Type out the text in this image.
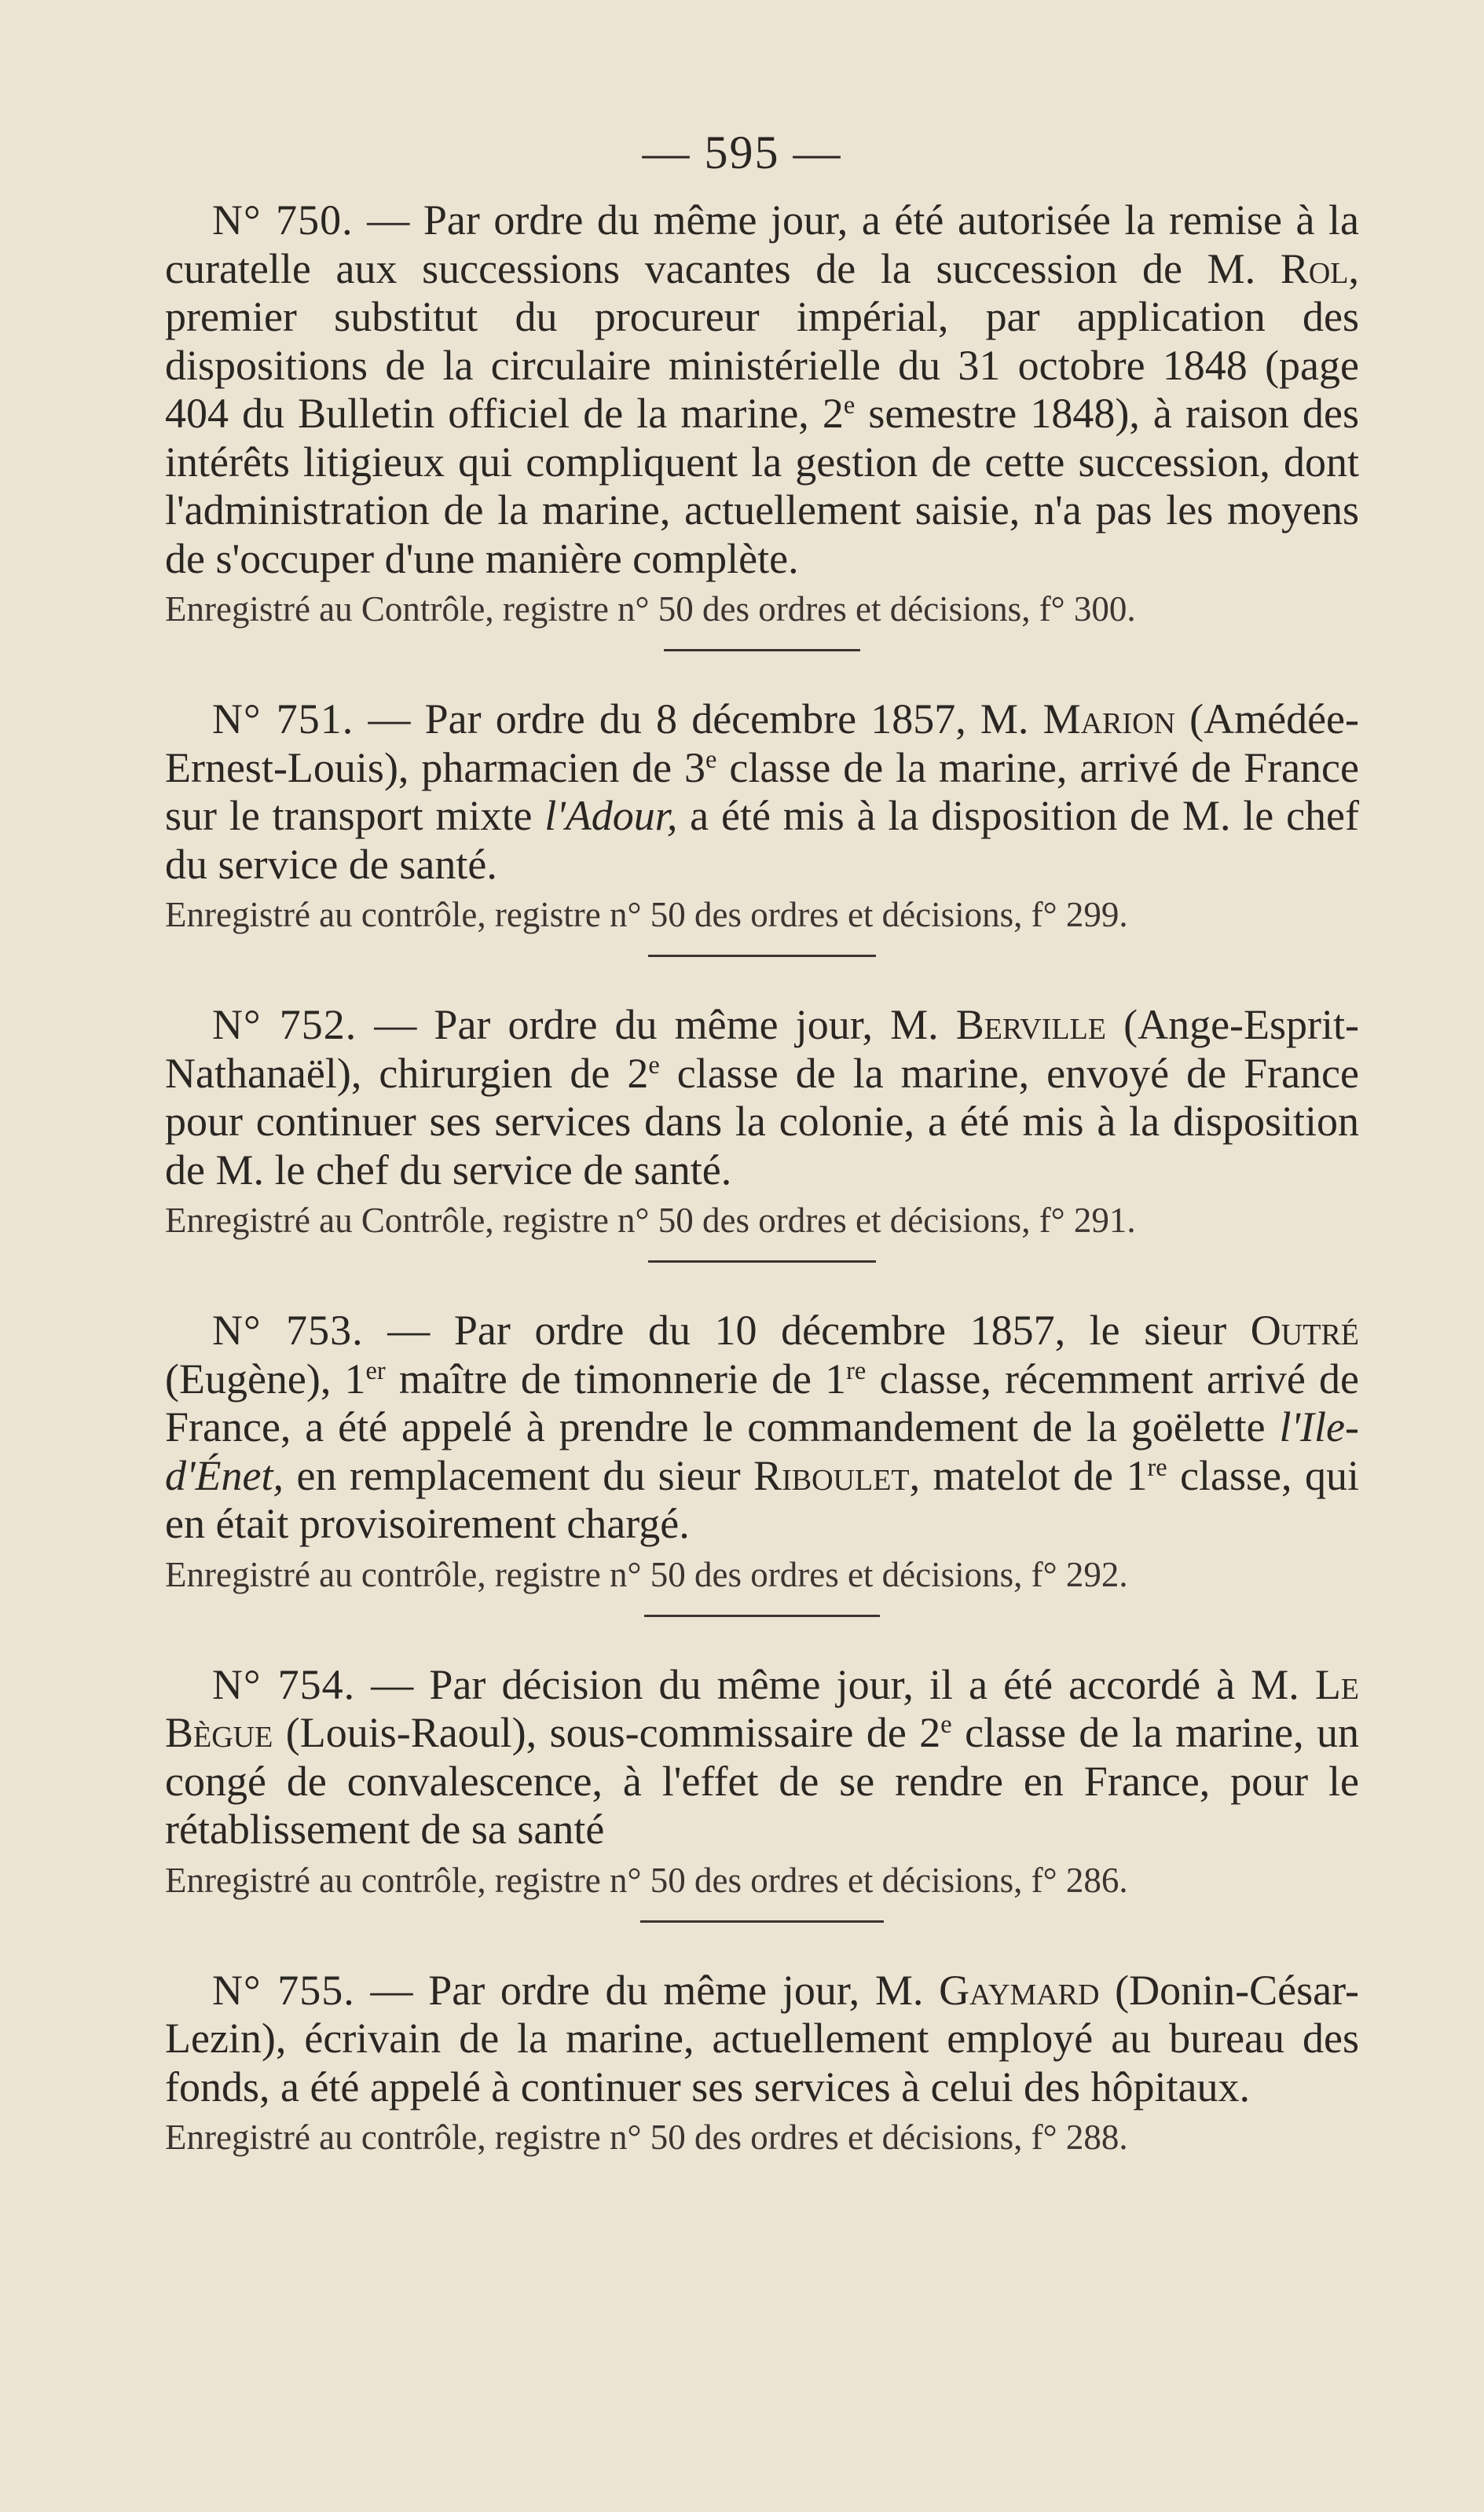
— 595 —

N° 750. — Par ordre du même jour, a été autorisée la remise à la curatelle aux successions vacantes de la succession de M. Rol, premier substitut du procureur impérial, par application des dispositions de la circulaire ministérielle du 31 octobre 1848 (page 404 du Bulletin officiel de la marine, 2e semestre 1848), à raison des intérêts litigieux qui compliquent la gestion de cette succession, dont l'administration de la marine, actuellement saisie, n'a pas les moyens de s'occuper d'une manière complète.

Enregistré au Contrôle, registre n° 50 des ordres et décisions, f° 300.

N° 751. — Par ordre du 8 décembre 1857, M. Marion (Amédée-Ernest-Louis), pharmacien de 3e classe de la marine, arrivé de France sur le transport mixte l'Adour, a été mis à la disposition de M. le chef du service de santé.

Enregistré au contrôle, registre n° 50 des ordres et décisions, f° 299.

N° 752. — Par ordre du même jour, M. Berville (Ange-Esprit-Nathanaël), chirurgien de 2e classe de la marine, envoyé de France pour continuer ses services dans la colonie, a été mis à la disposition de M. le chef du service de santé.

Enregistré au Contrôle, registre n° 50 des ordres et décisions, f° 291.

N° 753. — Par ordre du 10 décembre 1857, le sieur Outré (Eugène), 1er maître de timonnerie de 1re classe, récemment arrivé de France, a été appelé à prendre le commandement de la goëlette l'Ile-d'Énet, en remplacement du sieur Riboulet, matelot de 1re classe, qui en était provisoirement chargé.

Enregistré au contrôle, registre n° 50 des ordres et décisions, f° 292.

N° 754. — Par décision du même jour, il a été accordé à M. Le Bègue (Louis-Raoul), sous-commissaire de 2e classe de la marine, un congé de convalescence, à l'effet de se rendre en France, pour le rétablissement de sa santé

Enregistré au contrôle, registre n° 50 des ordres et décisions, f° 286.

N° 755. — Par ordre du même jour, M. Gaymard (Donin-César-Lezin), écrivain de la marine, actuellement employé au bureau des fonds, a été appelé à continuer ses services à celui des hôpitaux.

Enregistré au contrôle, registre n° 50 des ordres et décisions, f° 288.
